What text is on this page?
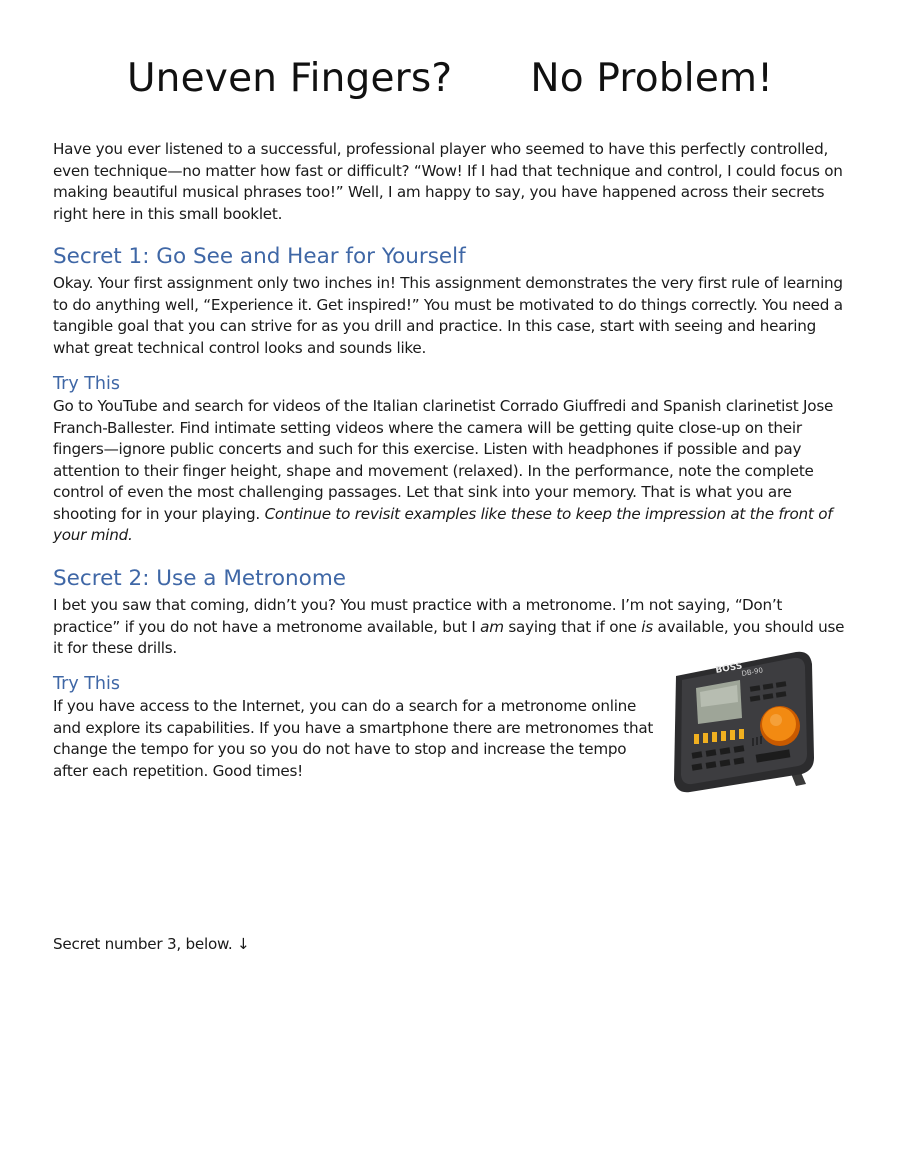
Uneven Fingers? No Problem!

Have you ever listened to a successful, professional player who seemed to have this perfectly controlled, even technique—no matter how fast or difficult? “Wow! If I had that technique and control, I could focus on making beautiful musical phrases too!” Well, I am happy to say, you have happened across their secrets right here in this small booklet.

Secret 1: Go See and Hear for Yourself

Okay. Your first assignment only two inches in! This assignment demonstrates the very first rule of learning to do anything well, “Experience it. Get inspired!” You must be motivated to do things correctly. You need a tangible goal that you can strive for as you drill and practice. In this case, start with seeing and hearing what great technical control looks and sounds like.

Try This

Go to YouTube and search for videos of the Italian clarinetist Corrado Giuffredi and Spanish clarinetist Jose Franch-Ballester. Find intimate setting videos where the camera will be getting quite close-up on their fingers—ignore public concerts and such for this exercise. Listen with headphones if possible and pay attention to their finger height, shape and movement (relaxed). In the performance, note the complete control of even the most challenging passages. Let that sink into your memory. That is what you are shooting for in your playing. Continue to revisit examples like these to keep the impression at the front of your mind.

Secret 2: Use a Metronome

I bet you saw that coming, didn’t you? You must practice with a metronome. I’m not saying, “Don’t practice” if you do not have a metronome available, but I am saying that if one is available, you should use it for these drills.

Try This

If you have access to the Internet, you can do a search for a metronome online and explore its capabilities. If you have a smartphone there are metronomes that change the tempo for you so you do not have to stop and increase the tempo after each repetition. Good times!

BOSS
DB-90

Secret number 3, below. ↓
